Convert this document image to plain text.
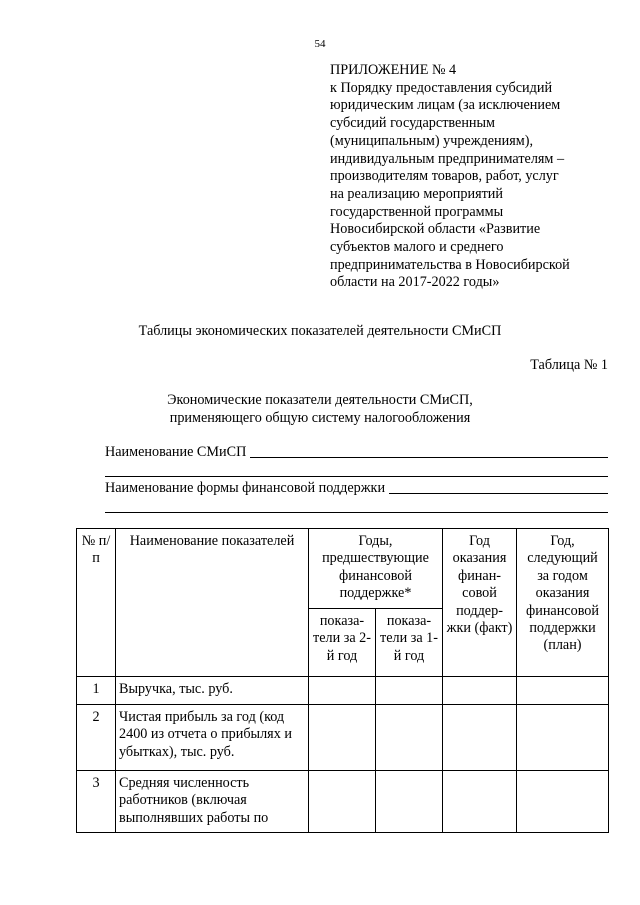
54
ПРИЛОЖЕНИЕ № 4
к Порядку предоставления субсидий
юридическим лицам (за исключением
субсидий государственным
(муниципальным) учреждениям),
индивидуальным предпринимателям –
производителям товаров, работ, услуг
на реализацию мероприятий
государственной программы
Новосибирской области «Развитие
субъектов малого и среднего
предпринимательства в Новосибирской
области на 2017-2022 годы»
Таблицы экономических показателей деятельности СМиСП
Таблица № 1
Экономические показатели деятельности СМиСП,
применяющего общую систему налогообложения
Наименование СМиСП
Наименование формы финансовой поддержки
№ п/п	Наименование показателей	Годы, предшествующие финансовой поддержке*		Год оказания финан-совой поддер-жки (факт)	Год, следующий за годом оказания финансовой поддержки (план)
		показа-тели за 2-й год	показа-тели за 1-й год		
1	Выручка, тыс. руб.				
2	Чистая прибыль за год (код 2400 из отчета о прибылях и убытках), тыс. руб.				
3	Средняя численность работников (включая выполнявших работы по				
